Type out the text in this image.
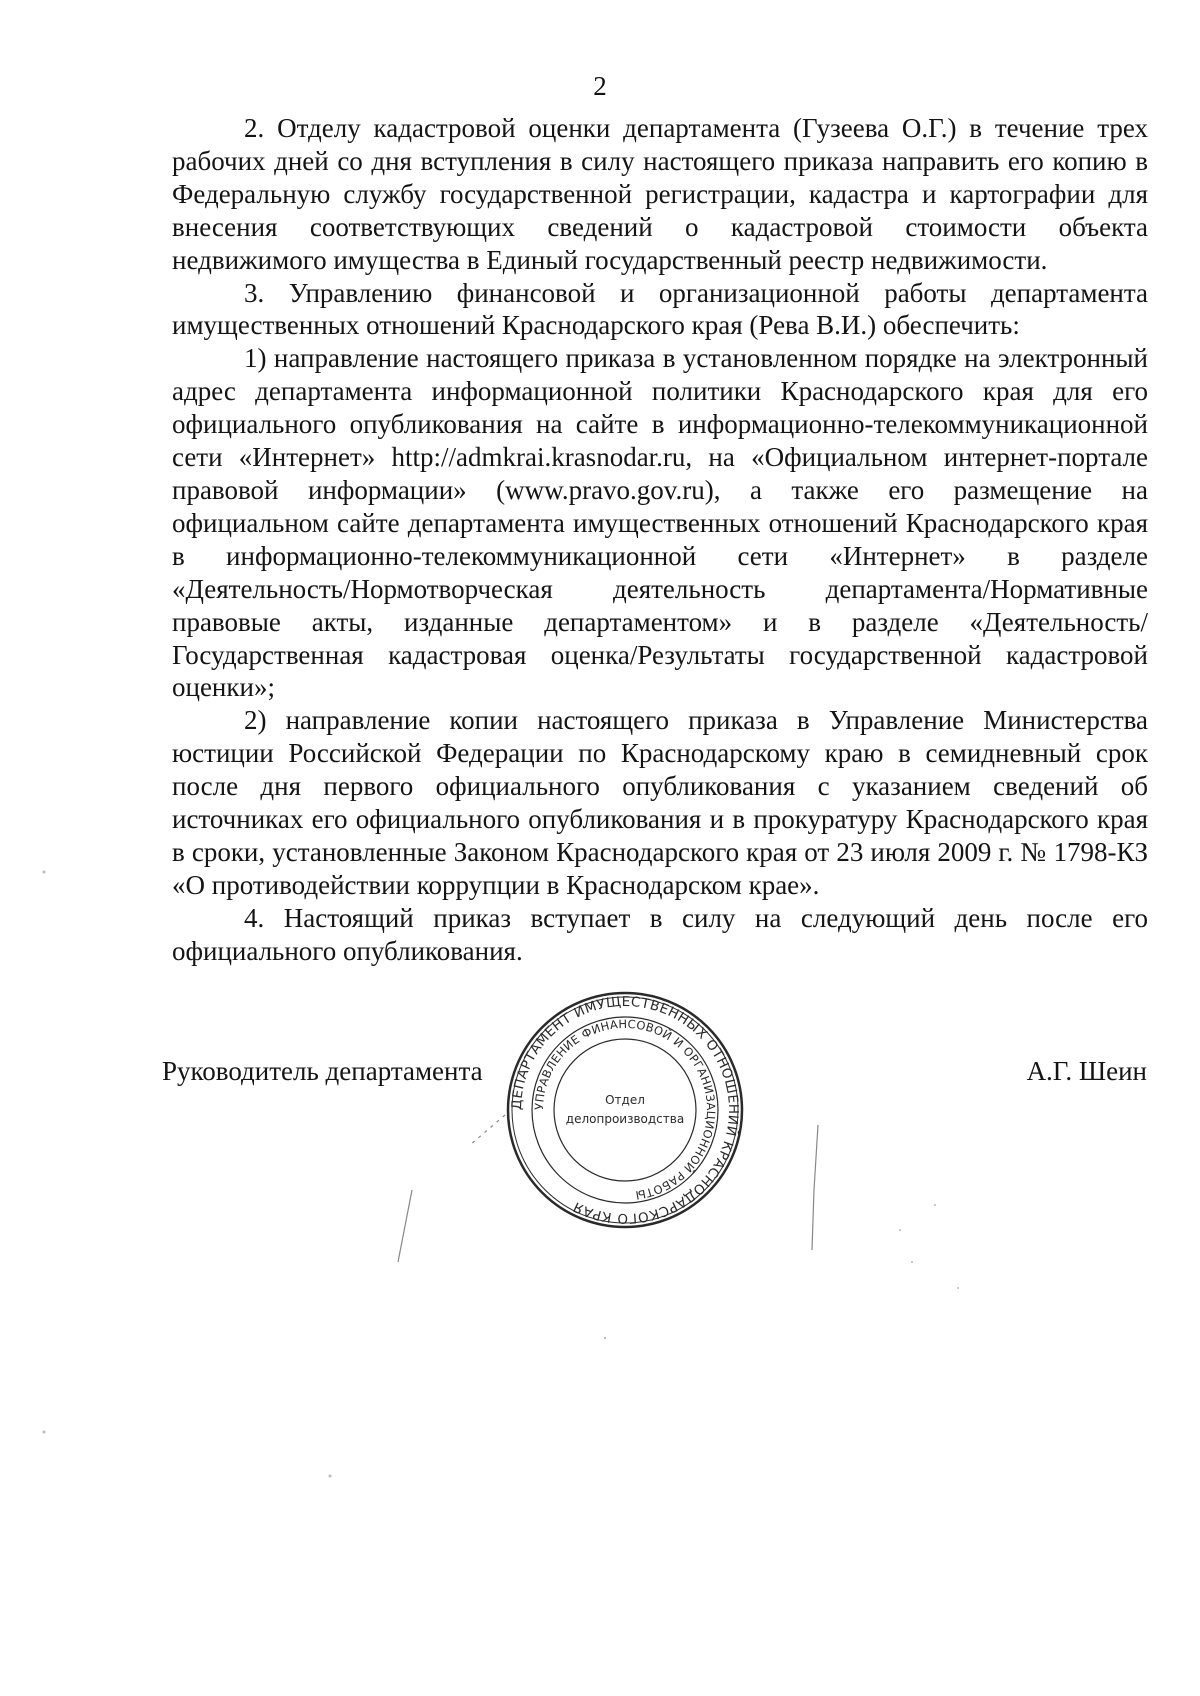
2

2. Отделу кадастровой оценки департамента (Гузеева О.Г.) в течение трех рабочих дней со дня вступления в силу настоящего приказа направить его копию в Федеральную службу государственной регистрации, кадастра и картографии для внесения соответствующих сведений о кадастровой стоимости объекта недвижимого имущества в Единый государственный реестр недвижимости.

3. Управлению финансовой и организационной работы департамента имущественных отношений Краснодарского края (Рева В.И.) обеспечить:

1) направление настоящего приказа в установленном порядке на электронный адрес департамента информационной политики Краснодарского края для его официального опубликования на сайте в информационно-телекоммуникационной сети «Интернет» http://admkrai.krasnodar.ru, на «Официальном интернет-портале правовой информации» (www.pravo.gov.ru), а также его размещение на официальном сайте департамента имущественных отношений Краснодарского края в информационно-телекоммуникационной сети «Интернет» в разделе «Деятельность/Нормотворческая деятельность департамента/Нормативные правовые акты, изданные департаментом» и в разделе «Деятельность/Государственная кадастровая оценка/Результаты государственной кадастровой оценки»;

2) направление копии настоящего приказа в Управление Министерства юстиции Российской Федерации по Краснодарскому краю в семидневный срок после дня первого официального опубликования с указанием сведений об источниках его официального опубликования и в прокуратуру Краснодарского края в сроки, установленные Законом Краснодарского края от 23 июля 2009 г. № 1798-КЗ «О противодействии коррупции в Краснодарском крае».

4. Настоящий приказ вступает в силу на следующий день после его официального опубликования.

Руководитель департамента	А.Г. Шеин
ДЕПАРТАМЕНТ ИМУЩЕСТВЕННЫХ ОТНОШЕНИЙ КРАСНОДАРСКОГО КРАЯ
УПРАВЛЕНИЕ ФИНАНСОВОЙ И ОРГАНИЗАЦИОННОЙ РАБОТЫ
Отдел
делопроизводства
